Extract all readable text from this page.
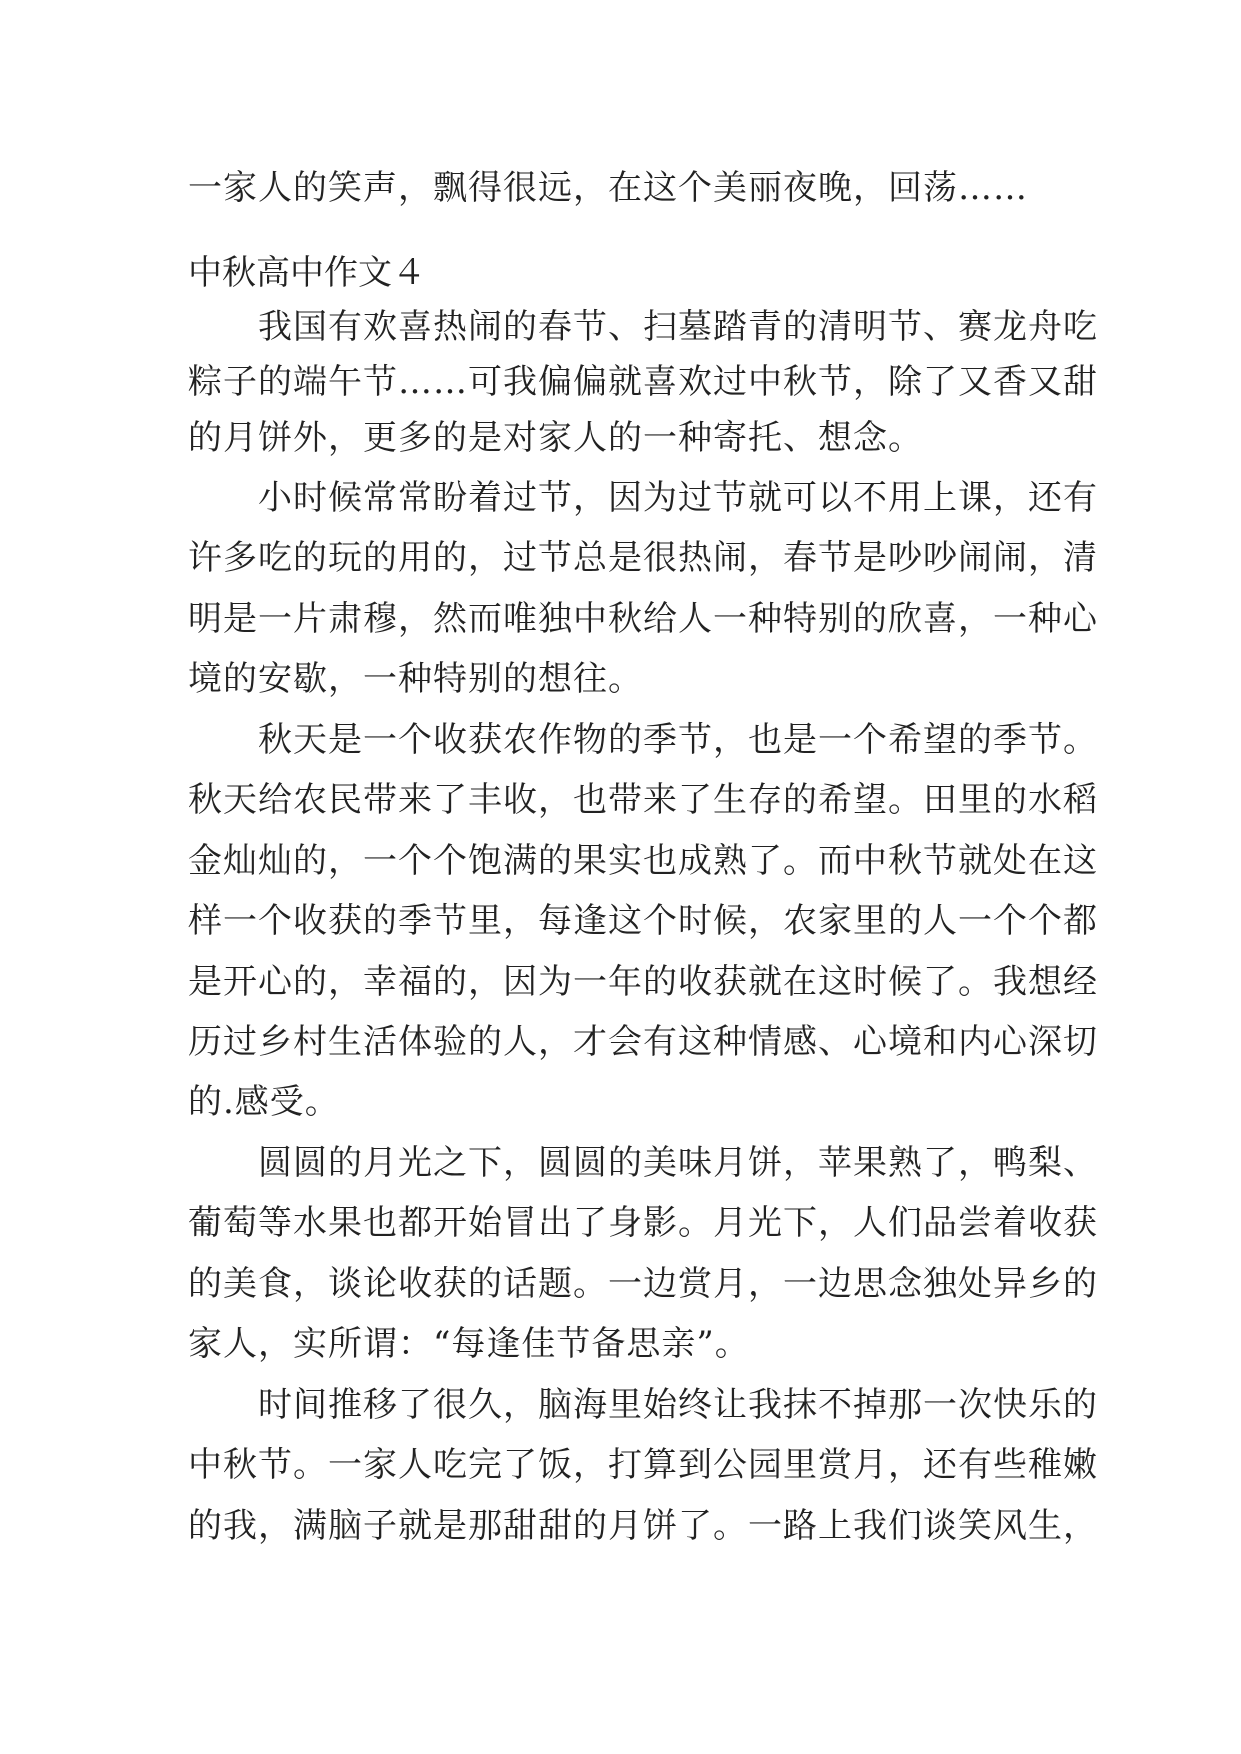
一家人的笑声，飘得很远，在这个美丽夜晚，回荡……
中秋高中作文４
　　我国有欢喜热闹的春节、扫墓踏青的清明节、赛龙舟吃
粽子的端午节……可我偏偏就喜欢过中秋节，除了又香又甜
的月饼外，更多的是对家人的一种寄托、想念。
　　小时候常常盼着过节，因为过节就可以不用上课，还有
许多吃的玩的用的，过节总是很热闹，春节是吵吵闹闹，清
明是一片肃穆，然而唯独中秋给人一种特别的欣喜，一种心
境的安歇，一种特别的想往。
　　秋天是一个收获农作物的季节，也是一个希望的季节。
秋天给农民带来了丰收，也带来了生存的希望。田里的水稻
金灿灿的，一个个饱满的果实也成熟了。而中秋节就处在这
样一个收获的季节里，每逢这个时候，农家里的人一个个都
是开心的，幸福的，因为一年的收获就在这时候了。我想经
历过乡村生活体验的人，才会有这种情感、心境和内心深切
的.感受。
　　圆圆的月光之下，圆圆的美味月饼，苹果熟了，鸭梨、
葡萄等水果也都开始冒出了身影。月光下，人们品尝着收获
的美食，谈论收获的话题。一边赏月，一边思念独处异乡的
家人，实所谓：“每逢佳节备思亲”。
　　时间推移了很久，脑海里始终让我抹不掉那一次快乐的
中秋节。一家人吃完了饭，打算到公园里赏月，还有些稚嫩
的我，满脑子就是那甜甜的月饼了。一路上我们谈笑风生，
